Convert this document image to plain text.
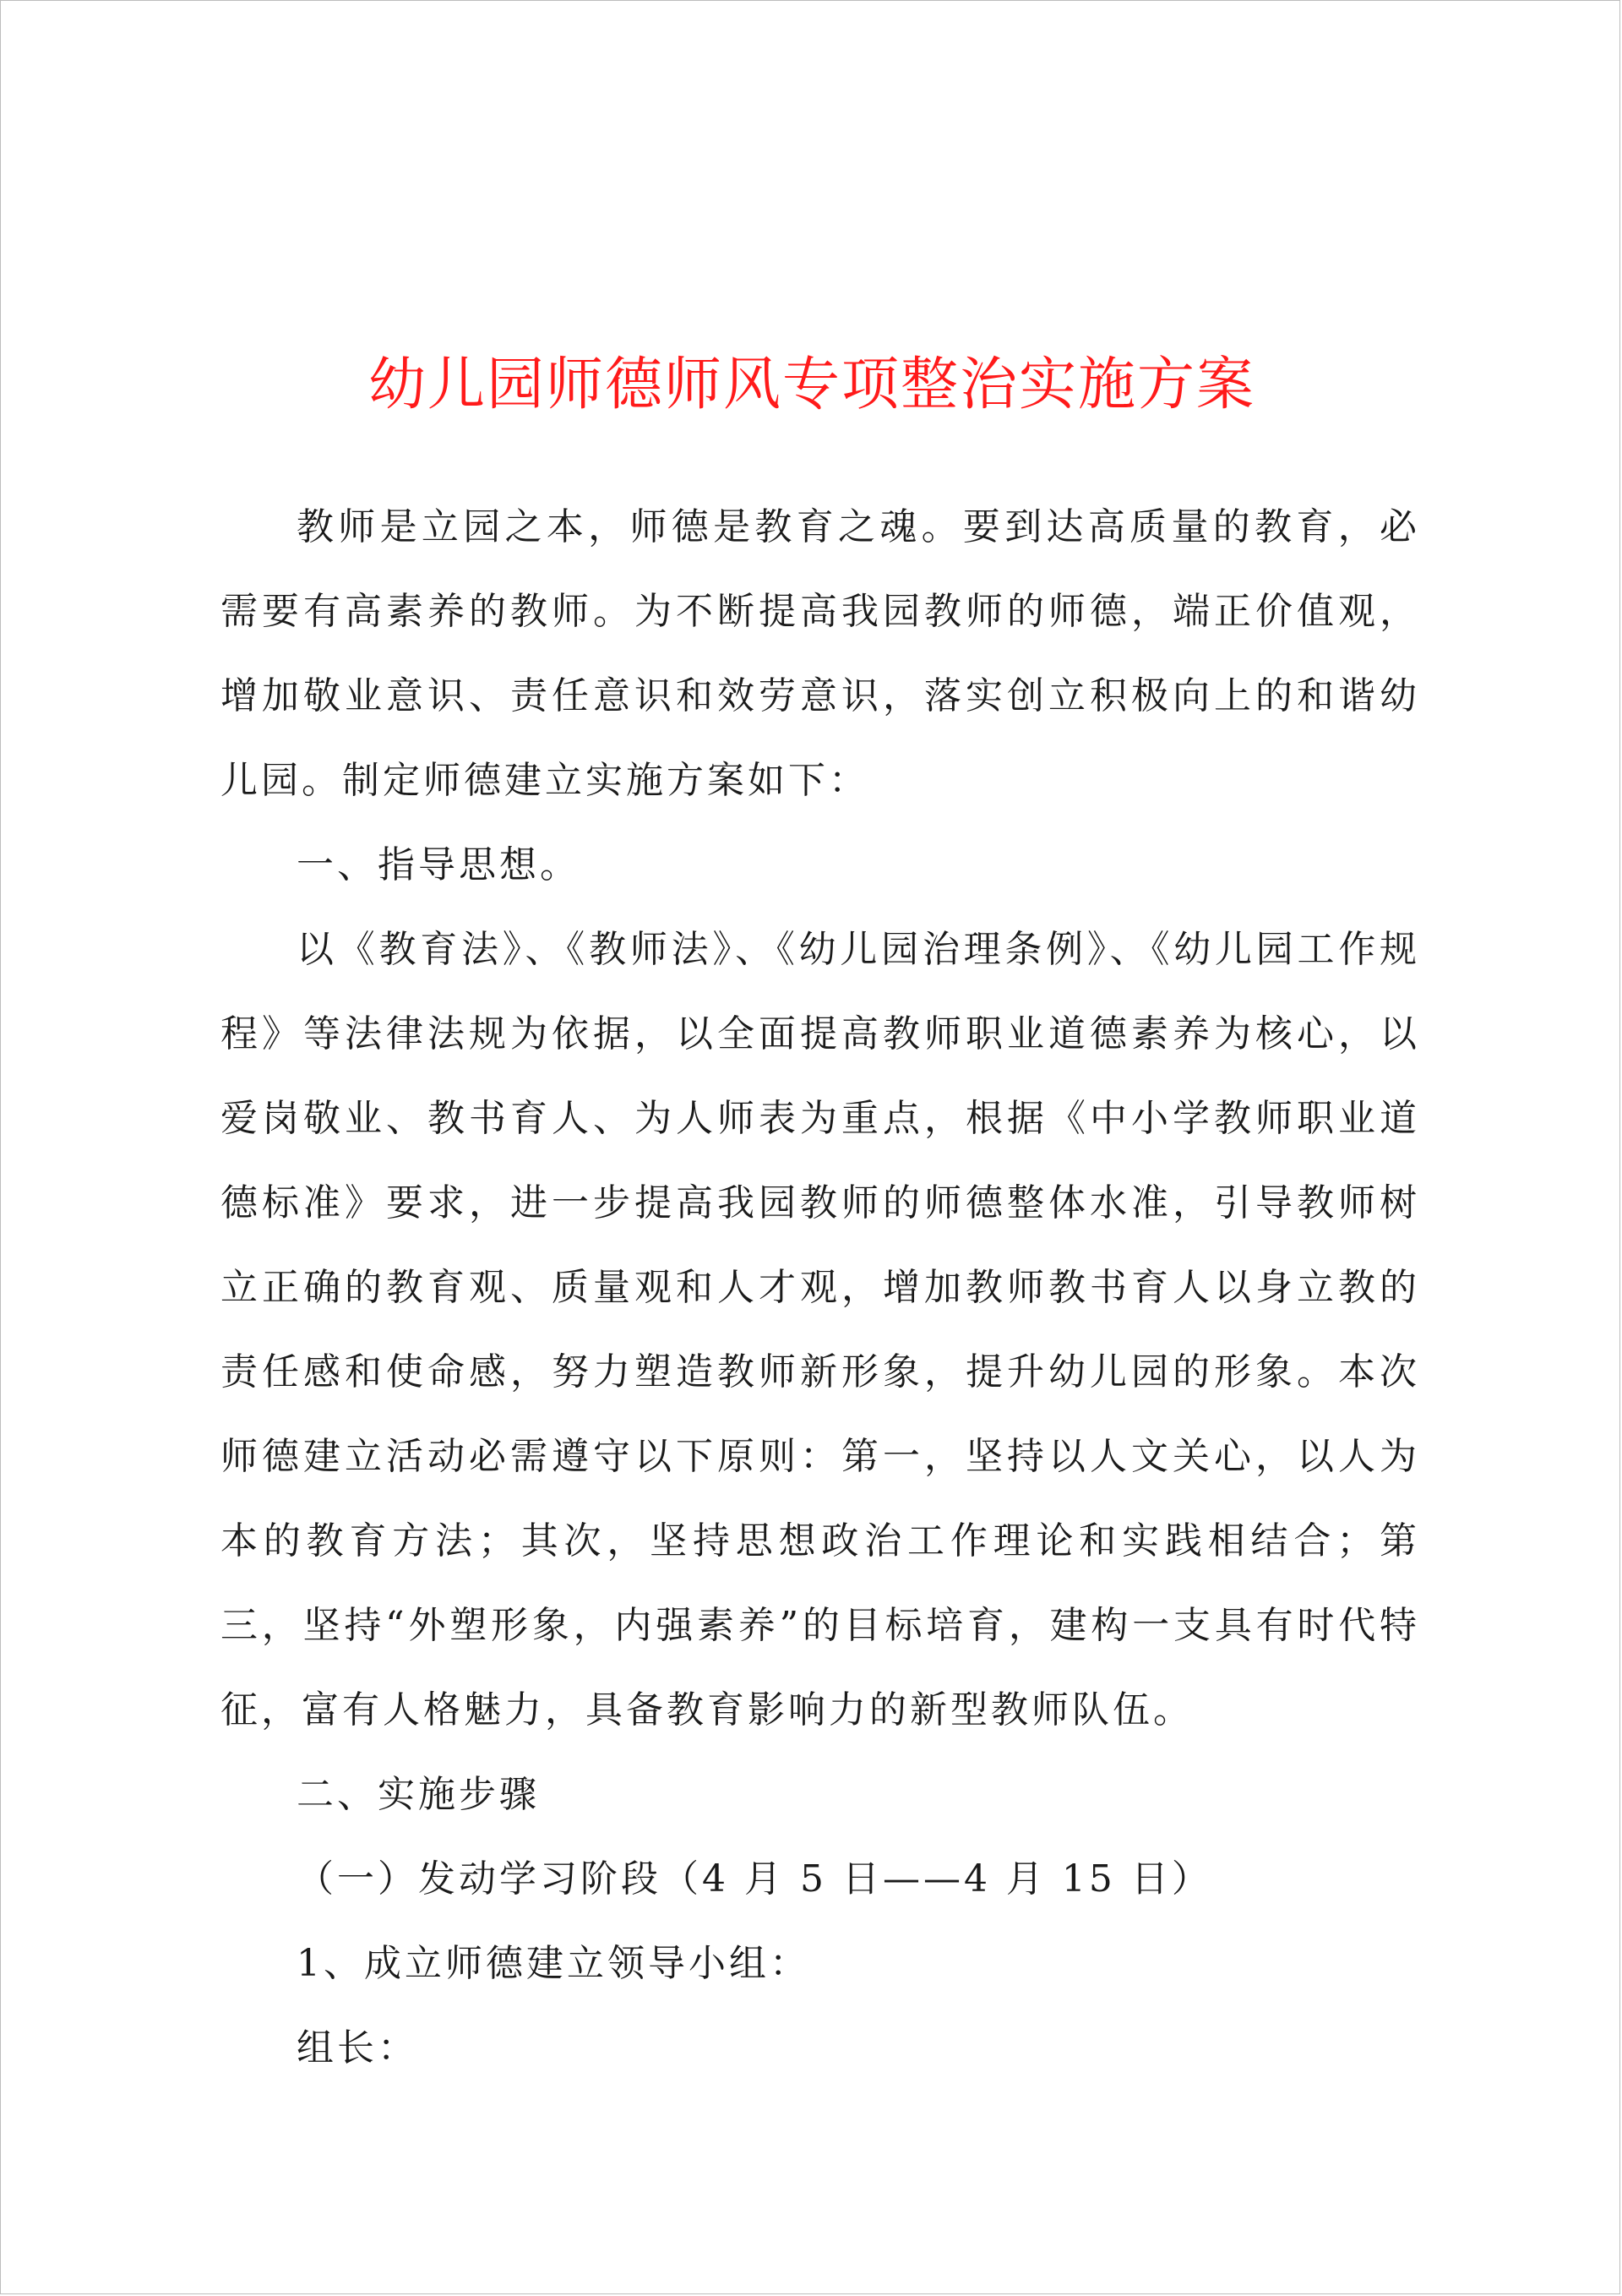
幼儿园师德师风专项整治实施方案

教师是立园之本，师德是教育之魂。要到达高质量的教育，必需要有高素养的教师。为不断提高我园教师的师德，端正价值观，增加敬业意识、责任意识和效劳意识，落实创立积极向上的和谐幼儿园。制定师德建立实施方案如下：

一、指导思想。

以《教育法》、《教师法》、《幼儿园治理条例》、《幼儿园工作规程》等法律法规为依据，以全面提高教师职业道德素养为核心，以爱岗敬业、教书育人、为人师表为重点，根据《中小学教师职业道德标准》要求，进一步提高我园教师的师德整体水准，引导教师树立正确的教育观、质量观和人才观，增加教师教书育人以身立教的责任感和使命感，努力塑造教师新形象，提升幼儿园的形象。本次师德建立活动必需遵守以下原则：第一，坚持以人文关心，以人为本的教育方法；其次，坚持思想政治工作理论和实践相结合；第三，坚持“外塑形象，内强素养”的目标培育，建构一支具有时代特征，富有人格魅力，具备教育影响力的新型教师队伍。

二、实施步骤

（一）发动学习阶段（4 月 5 日——4 月 15 日）

1、成立师德建立领导小组：

组长：
